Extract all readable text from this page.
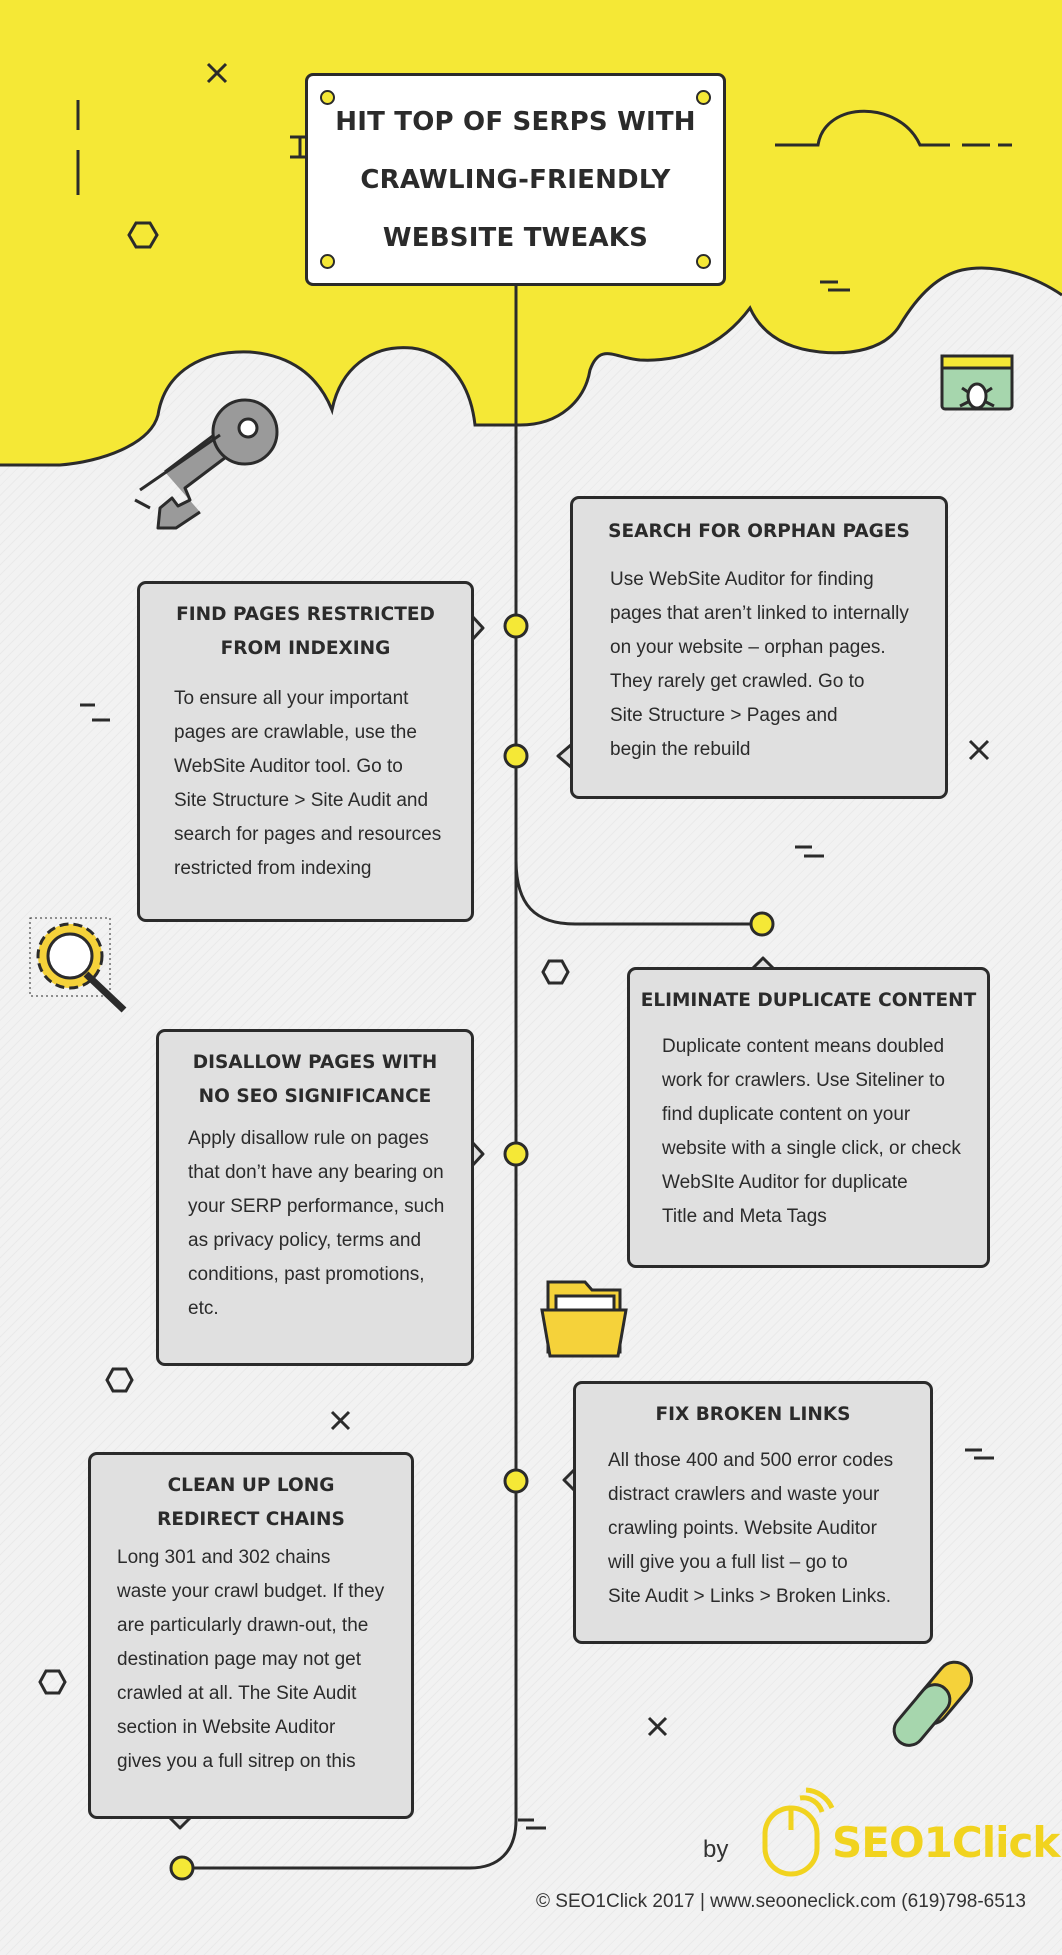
HIT TOP OF SERPS WITH
CRAWLING-FRIENDLY
WEBSITE TWEAKS
FIND PAGES RESTRICTED
FROM INDEXING
To ensure all your important
pages are crawlable, use the
WebSite Auditor tool. Go to
Site Structure > Site Audit and
search for pages and resources
restricted from indexing
SEARCH FOR ORPHAN PAGES
Use WebSite Auditor for finding
pages that aren’t linked to internally
on your website – orphan pages.
They rarely get crawled. Go to
Site Structure > Pages and
begin the rebuild
ELIMINATE DUPLICATE CONTENT
Duplicate content means doubled
work for crawlers. Use Siteliner to
find duplicate content on your
website with a single click, or check
WebSIte Auditor for duplicate
Title and Meta Tags
DISALLOW PAGES WITH
NO SEO SIGNIFICANCE
Apply disallow rule on pages
that don’t have any bearing on
your SERP performance, such
as privacy policy, terms and
conditions, past promotions,
etc.
FIX BROKEN LINKS
All those 400 and 500 error codes
distract crawlers and waste your
crawling points. Website Auditor
will give you a full list – go to
Site Audit > Links > Broken Links.
CLEAN UP LONG
REDIRECT CHAINS
Long 301 and 302 chains
waste your crawl budget. If they
are particularly drawn-out, the
destination page may not get
crawled at all. The Site Audit
section in Website Auditor
gives you a full sitrep on this
by SEO1Click
© SEO1Click 2017 | www.seooneclick.com (619)798-6513
